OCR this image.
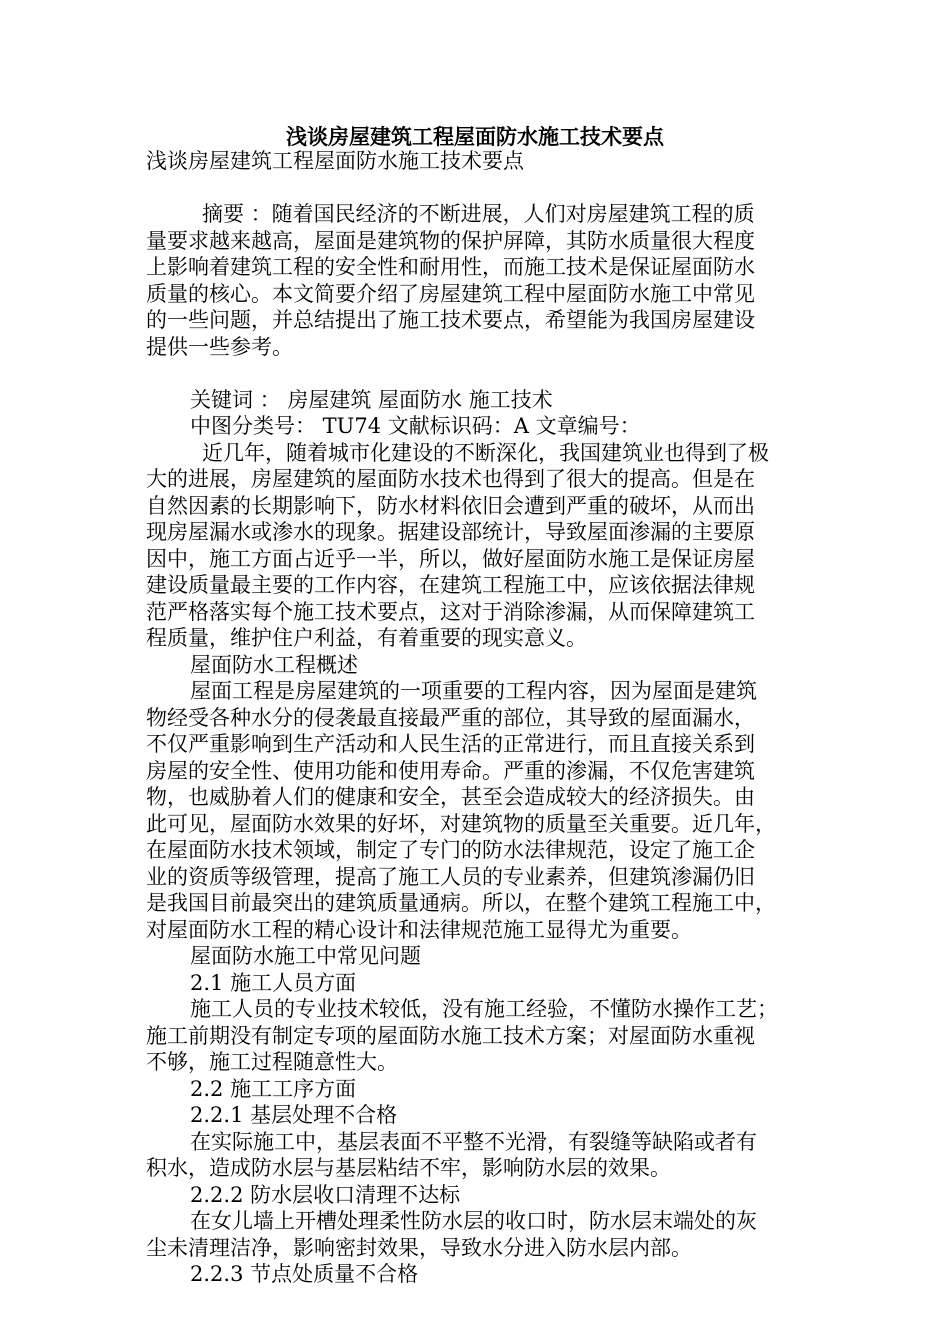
浅谈房屋建筑工程屋面防水施工技术要点
浅谈房屋建筑工程屋面防水施工技术要点
摘要 ：随着国民经济的不断进展，人们对房屋建筑工程的质
量要求越来越高，屋面是建筑物的保护屏障，其防水质量很大程度
上影响着建筑工程的安全性和耐用性，而施工技术是保证屋面防水
质量的核心。本文简要介绍了房屋建筑工程中屋面防水施工中常见
的一些问题，并总结提出了施工技术要点，希望能为我国房屋建设
提供一些参考。
关键词 ： 房屋建筑 屋面防水 施工技术
中图分类号： TU74 文献标识码：A 文章编号：
近几年，随着城市化建设的不断深化，我国建筑业也得到了极
大的进展，房屋建筑的屋面防水技术也得到了很大的提高。但是在
自然因素的长期影响下，防水材料依旧会遭到严重的破坏，从而出
现房屋漏水或渗水的现象。据建设部统计，导致屋面渗漏的主要原
因中，施工方面占近乎一半，所以，做好屋面防水施工是保证房屋
建设质量最主要的工作内容，在建筑工程施工中，应该依据法律规
范严格落实每个施工技术要点，这对于消除渗漏，从而保障建筑工
程质量，维护住户利益，有着重要的现实意义。
屋面防水工程概述
屋面工程是房屋建筑的一项重要的工程内容，因为屋面是建筑
物经受各种水分的侵袭最直接最严重的部位，其导致的屋面漏水，
不仅严重影响到生产活动和人民生活的正常进行，而且直接关系到
房屋的安全性、使用功能和使用寿命。严重的渗漏，不仅危害建筑
物，也威胁着人们的健康和安全，甚至会造成较大的经济损失。由
此可见，屋面防水效果的好坏，对建筑物的质量至关重要。近几年，
在屋面防水技术领域，制定了专门的防水法律规范，设定了施工企
业的资质等级管理，提高了施工人员的专业素养，但建筑渗漏仍旧
是我国目前最突出的建筑质量通病。所以，在整个建筑工程施工中，
对屋面防水工程的精心设计和法律规范施工显得尤为重要。
屋面防水施工中常见问题
2.1 施工人员方面
施工人员的专业技术较低，没有施工经验，不懂防水操作工艺；
施工前期没有制定专项的屋面防水施工技术方案；对屋面防水重视
不够，施工过程随意性大。
2.2 施工工序方面
2.2.1 基层处理不合格
在实际施工中，基层表面不平整不光滑，有裂缝等缺陷或者有
积水，造成防水层与基层粘结不牢，影响防水层的效果。
2.2.2 防水层收口清理不达标
在女儿墙上开槽处理柔性防水层的收口时，防水层末端处的灰
尘未清理洁净，影响密封效果，导致水分进入防水层内部。
2.2.3 节点处质量不合格
